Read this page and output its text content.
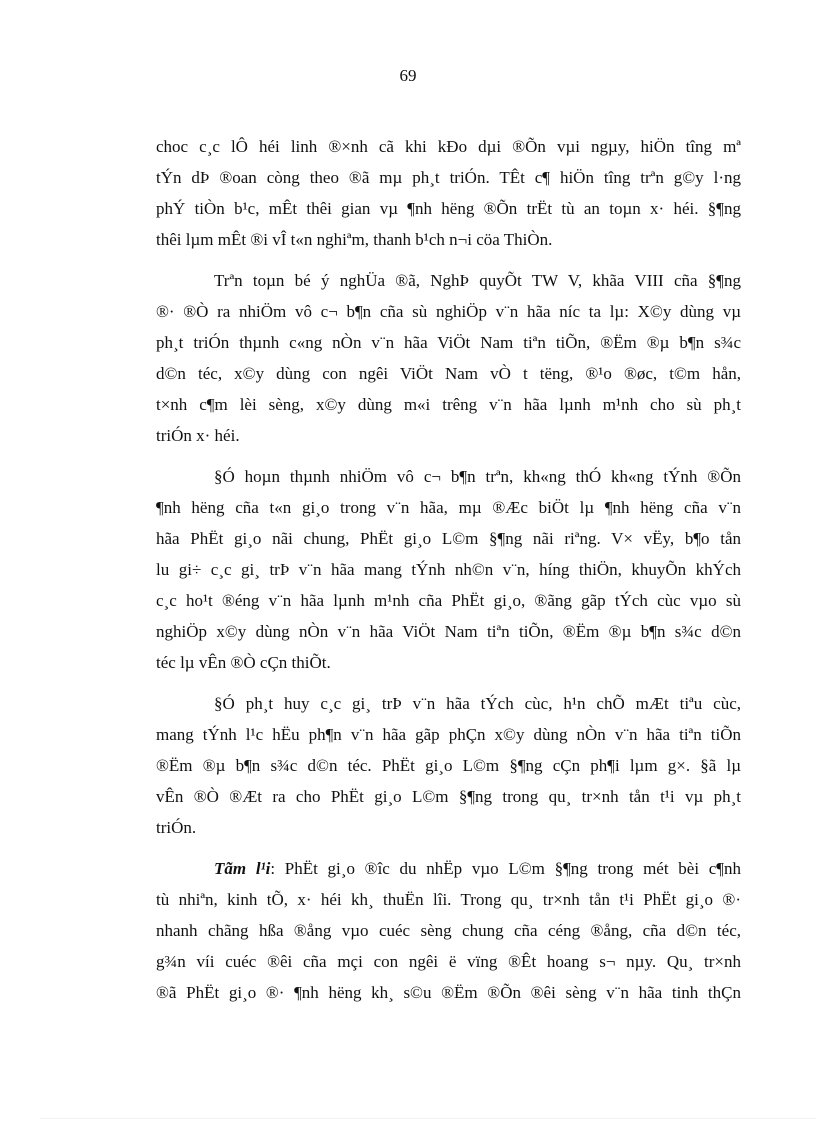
69

choc c¸c lÔ héi linh ®×nh cã khi kÐo dµi ®Õn vµi ngµy, hiÖn tîng mª
tÝn dÞ ®oan còng theo ®ã mµ ph¸t triÓn. TÊt c¶ hiÖn tîng trªn g©y l·ng
phÝ tiÒn b¹c, mÊt thêi gian vµ ¶nh hëng ®Õn trËt tù an toµn x· héi. §¶ng
thêi lµm mÊt ®i vÎ t«n nghiªm, thanh b¹ch n¬i cöa ThiÒn.

Trªn toµn bé ý nghÜa ®ã, NghÞ quyÕt TW V, khãa VIII cña §¶ng
®· ®Ò ra nhiÖm vô c¬ b¶n cña sù nghiÖp v¨n hãa níc ta lµ: X©y dùng vµ
ph¸t triÓn thµnh c«ng nÒn v¨n hãa ViÖt Nam tiªn tiÕn, ®Ëm ®µ b¶n s¾c
d©n téc, x©y dùng con ngêi ViÖt Nam vÒ t tëng, ®¹o ®øc, t©m hån,
t×nh c¶m lèi sèng, x©y dùng m«i trêng v¨n hãa lµnh m¹nh cho sù ph¸t
triÓn x· héi.

§Ó hoµn thµnh nhiÖm vô c¬ b¶n trªn, kh«ng thÓ kh«ng tÝnh ®Õn
¶nh hëng cña t«n gi¸o trong v¨n hãa, mµ ®Æc biÖt lµ ¶nh hëng cña v¨n
hãa PhËt gi¸o nãi chung, PhËt gi¸o L©m §¶ng nãi riªng. V× vËy, b¶o tån
lu gi÷ c¸c gi¸ trÞ v¨n hãa mang tÝnh nh©n v¨n, híng thiÖn, khuyÕn khÝch
c¸c ho¹t ®éng v¨n hãa lµnh m¹nh cña PhËt gi¸o, ®ãng gãp tÝch cùc vµo sù
nghiÖp x©y dùng nÒn v¨n hãa ViÖt Nam tiªn tiÕn, ®Ëm ®µ b¶n s¾c d©n
téc lµ vÊn ®Ò cÇn thiÕt.

§Ó ph¸t huy c¸c gi¸ trÞ v¨n hãa tÝch cùc, h¹n chÕ mÆt tiªu cùc,
mang tÝnh l¹c hËu ph¶n v¨n hãa gãp phÇn x©y dùng nÒn v¨n hãa tiªn tiÕn
®Ëm ®µ b¶n s¾c d©n téc. PhËt gi¸o L©m §¶ng cÇn ph¶i lµm g×. §ã lµ
vÊn ®Ò ®Æt ra cho PhËt gi¸o L©m §¶ng trong qu¸ tr×nh tån t¹i vµ ph¸t
triÓn.

Tãm l¹i: PhËt gi¸o ®îc du nhËp vµo L©m §¶ng trong mét bèi c¶nh
tù nhiªn, kinh tÕ, x· héi kh¸ thuËn lîi. Trong qu¸ tr×nh tån t¹i PhËt gi¸o ®·
nhanh chãng hßa ®ång vµo cuéc sèng chung cña céng ®ång, cña d©n téc,
g¾n víi cuéc ®êi cña mçi con ngêi ë vïng ®Êt hoang s¬ nµy. Qu¸ tr×nh
®ã PhËt gi¸o ®· ¶nh hëng kh¸ s©u ®Ëm ®Õn ®êi sèng v¨n hãa tinh thÇn
